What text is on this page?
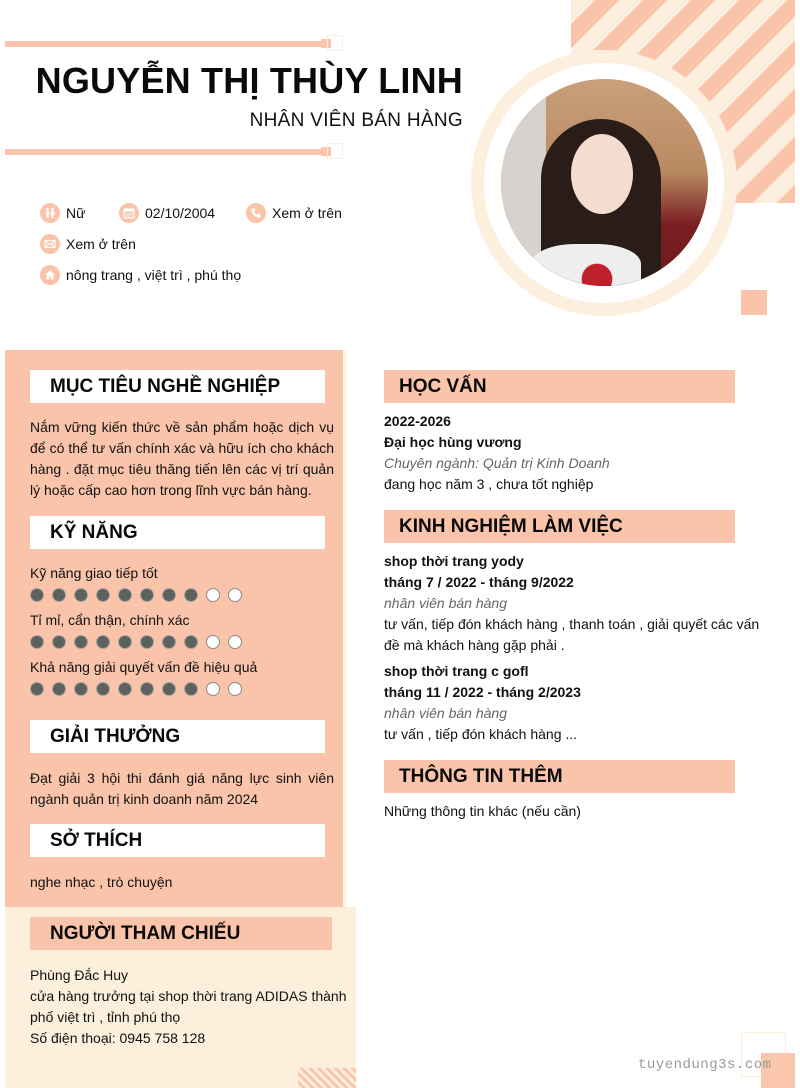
NGUYỄN THỊ THÙY LINH
NHÂN VIÊN BÁN HÀNG
Nữ	02/10/2004	Xem ở trên
Xem ở trên
nông trang , việt trì , phú thọ
MỤC TIÊU NGHỀ NGHIỆP
Nắm vững kiến thức về sản phẩm hoặc dịch vụ để có thể tư vấn chính xác và hữu ích cho khách hàng . đặt mục tiêu thăng tiến lên các vị trí quản lý hoặc cấp cao hơn trong lĩnh vực bán hàng.
KỸ NĂNG
Kỹ năng giao tiếp tốt
Tỉ mỉ, cẩn thận, chính xác
Khả năng giải quyết vấn đề hiệu quả
GIẢI THƯỞNG
Đạt giải 3 hội thi đánh giá năng lực sinh viên ngành quản trị kinh doanh năm 2024
SỞ THÍCH
nghe nhạc , trò chuyện
NGƯỜI THAM CHIẾU
Phùng Đắc Huy
cửa hàng trưởng tại shop thời trang ADIDAS thành
phố việt trì , tỉnh phú thọ
Số điện thoại: 0945 758 128
HỌC VẤN
2022-2026
Đại học hùng vương
Chuyên ngành: Quản trị Kinh Doanh
đang học năm 3 , chưa tốt nghiệp
KINH NGHIỆM LÀM VIỆC
shop thời trang yody
tháng 7 / 2022 - tháng 9/2022
nhân viên bán hàng
tư vấn, tiếp đón khách hàng , thanh toán , giải quyết các vấn đề mà khách hàng gặp phải .
shop thời trang c gofl
tháng 11 / 2022 - tháng 2/2023
nhân viên bán hàng
tư vấn , tiếp đón khách hàng ...
THÔNG TIN THÊM
Những thông tin khác (nếu cần)
tuyendung3s.com
